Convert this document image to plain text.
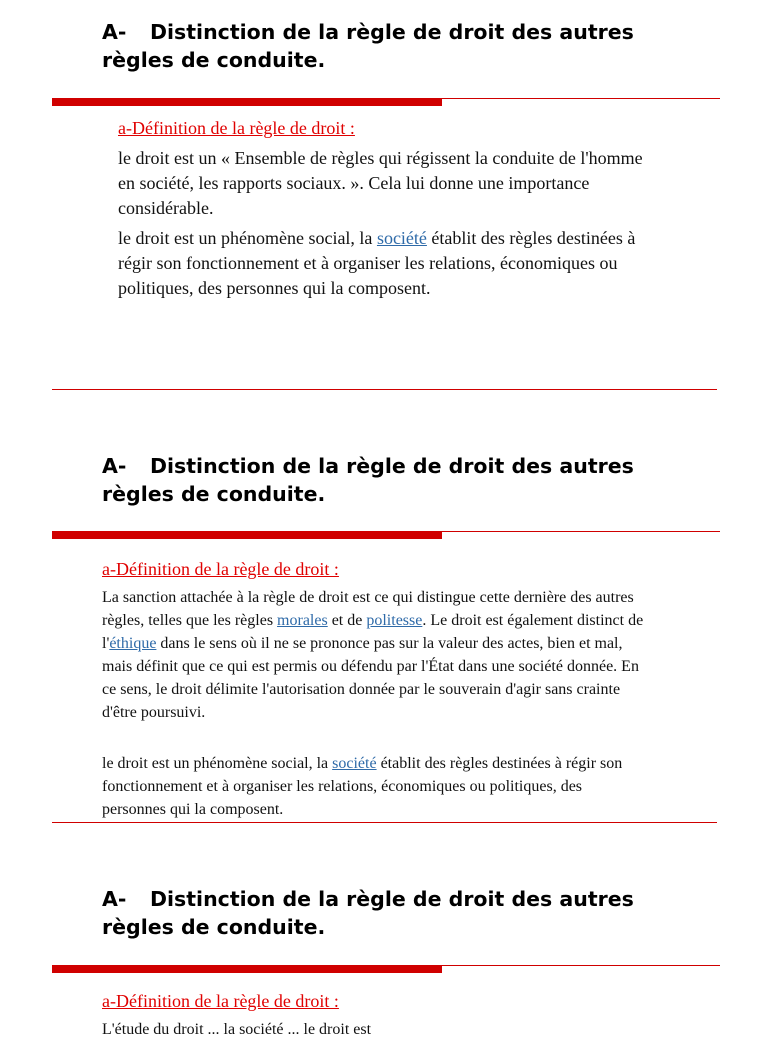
A- Distinction de la règle de droit des autres règles de conduite.
a-Définition de la règle de droit :

le droit est un « Ensemble de règles qui régissent la conduite de l'homme en société, les rapports sociaux. ». Cela lui donne une importance considérable.

le droit est un phénomène social, la société établit des règles destinées à régir son fonctionnement et à organiser les relations, économiques ou politiques, des personnes qui la composent.

A- Distinction de la règle de droit des autres règles de conduite.
a-Définition de la règle de droit :

La sanction attachée à la règle de droit est ce qui distingue cette dernière des autres règles, telles que les règles morales et de politesse. Le droit est également distinct de l'éthique dans le sens où il ne se prononce pas sur la valeur des actes, bien et mal, mais définit que ce qui est permis ou défendu par l'État dans une société donnée. En ce sens, le droit délimite l'autorisation donnée par le souverain d'agir sans crainte d'être poursuivi.

le droit est un phénomène social, la société établit des règles destinées à régir son fonctionnement et à organiser les relations, économiques ou politiques, des personnes qui la composent.

A- Distinction de la règle de droit des autres règles de conduite.
a-Définition de la règle de droit :

L'étude du droit ... la société ... le droit est
